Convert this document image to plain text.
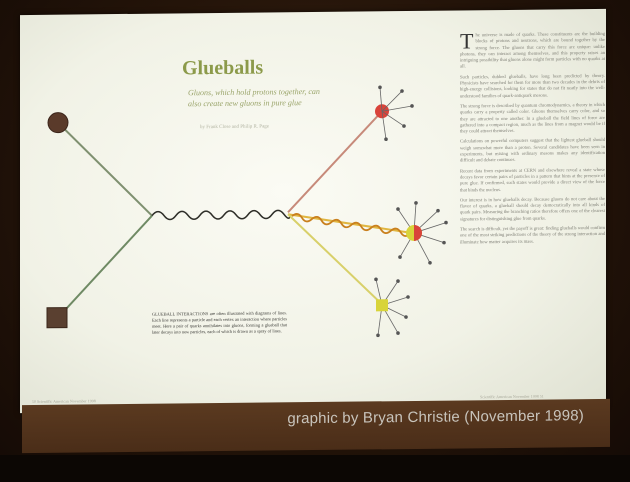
Glueballs
Gluons, which hold protons together, can also create new gluons in pure glue
by Frank Close and Philip R. Page
GLUEBALL INTERACTIONS are often illustrated with diagrams of lines. Each line represents a particle and each vertex an interaction where particles meet. Here a pair of quarks annihilates into gluons, forming a glueball that later decays into new particles, each of which is drawn as a spray of lines.
T he universe is made of quarks. These constituents are the building blocks of protons and neutrons, which are bound together by the strong force. The gluons that carry this force are unique: unlike photons, they can interact among themselves, and this property raises an intriguing possibility that gluons alone might form particles with no quarks at all.

Such particles, dubbed glueballs, have long been predicted by theory. Physicists have searched for them for more than two decades in the debris of high-energy collisions, looking for states that do not fit neatly into the well-understood families of quark-antiquark mesons.

The strong force is described by quantum chromodynamics, a theory in which quarks carry a property called color. Gluons themselves carry color, and so they are attracted to one another. In a glueball the field lines of force are gathered into a compact region, much as the lines from a magnet would be if they could attract themselves.

Calculations on powerful computers suggest that the lightest glueball should weigh somewhat more than a proton. Several candidates have been seen in experiments, but mixing with ordinary mesons makes any identification difficult and debate continues.

Recent data from experiments at CERN and elsewhere reveal a state whose decays favor certain pairs of particles in a pattern that hints at the presence of pure glue. If confirmed, such states would provide a direct view of the force that binds the nucleus.

Our interest is in how glueballs decay. Because gluons do not care about the flavor of quarks, a glueball should decay democratically into all kinds of quark pairs. Measuring the branching ratios therefore offers one of the clearest signatures for distinguishing glue from quarks.

The search is difficult, yet the payoff is great: finding glueballs would confirm one of the most striking predictions of the theory of the strong interaction and illuminate how matter acquires its mass.

50 Scientific American November 1998
Scientific American November 1998 51
graphic by Bryan Christie (November 1998)
